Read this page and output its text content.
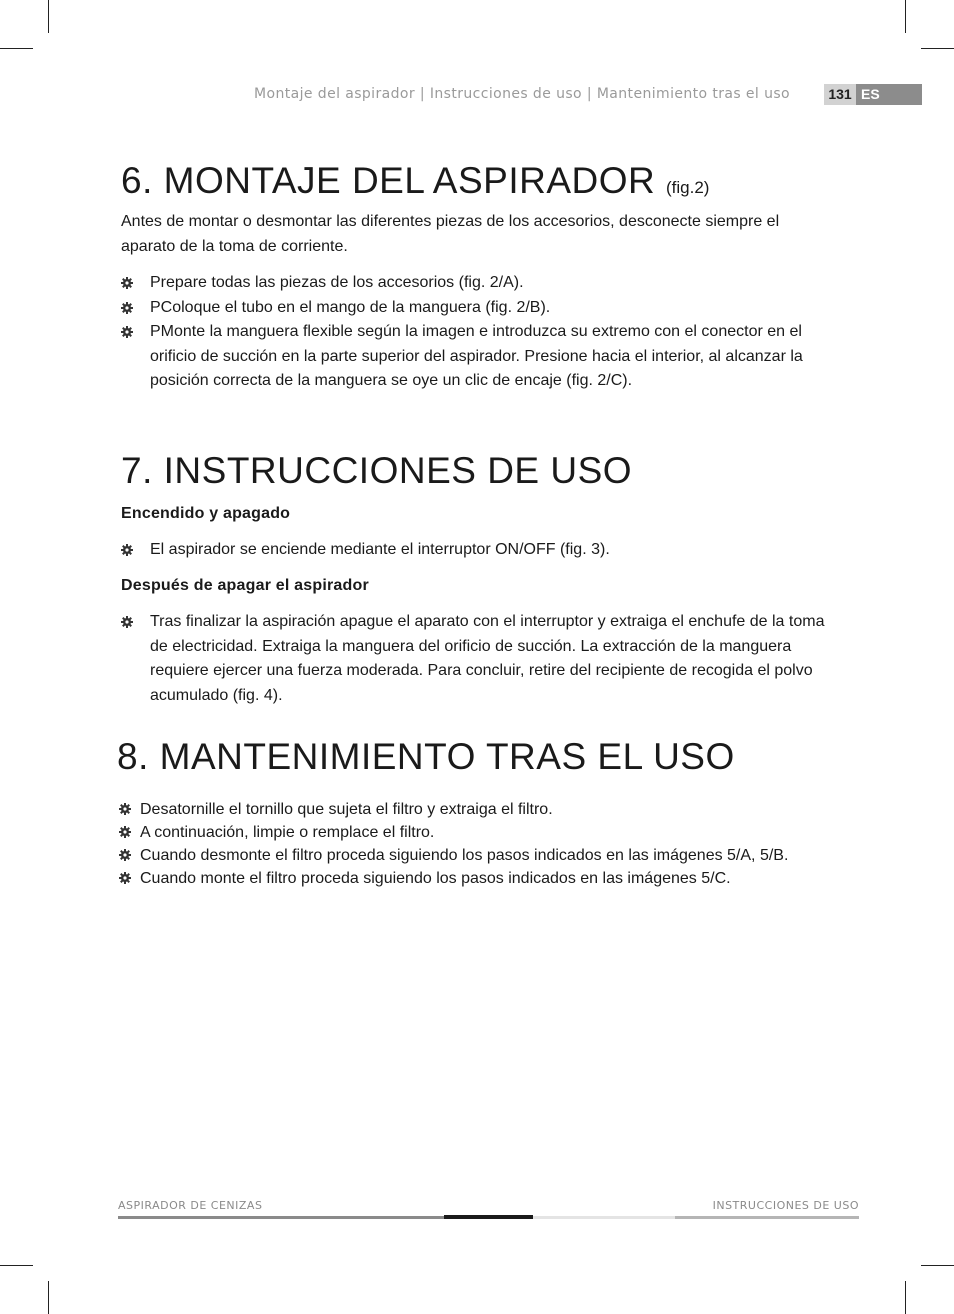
Montaje del aspirador | Instrucciones de uso | Mantenimiento tras el uso	131 ES
6. MONTAJE DEL ASPIRADOR (fig.2)

Antes de montar o desmontar las diferentes piezas de los accesorios, desconecte siempre el aparato de la toma de corriente.

Prepare todas las piezas de los accesorios (fig. 2/A).
PColoque el tubo en el mango de la manguera (fig. 2/B).
PMonte la manguera flexible según la imagen e introduzca su extremo con el conector en el orificio de succión en la parte superior del aspirador. Presione hacia el interior, al alcanzar la posición correcta de la manguera se oye un clic de encaje (fig. 2/C).
7. INSTRUCCIONES DE USO
Encendido y apagado
El aspirador se enciende mediante el interruptor ON/OFF (fig. 3).
Después de apagar el aspirador
Tras finalizar la aspiración apague el aparato con el interruptor y extraiga el enchufe de la toma de electricidad. Extraiga la manguera del orificio de succión. La extracción de la manguera requiere ejercer una fuerza moderada. Para concluir, retire del recipiente de recogida el polvo acumulado (fig. 4).
8. MANTENIMIENTO TRAS EL USO
Desatornille el tornillo que sujeta el filtro y extraiga el filtro.
A continuación, limpie o remplace el filtro.
Cuando desmonte el filtro proceda siguiendo los pasos indicados en las imágenes 5/A, 5/B.
Cuando monte el filtro proceda siguiendo los pasos indicados en las imágenes 5/C.
ASPIRADOR DE CENIZAS	INSTRUCCIONES DE USO
